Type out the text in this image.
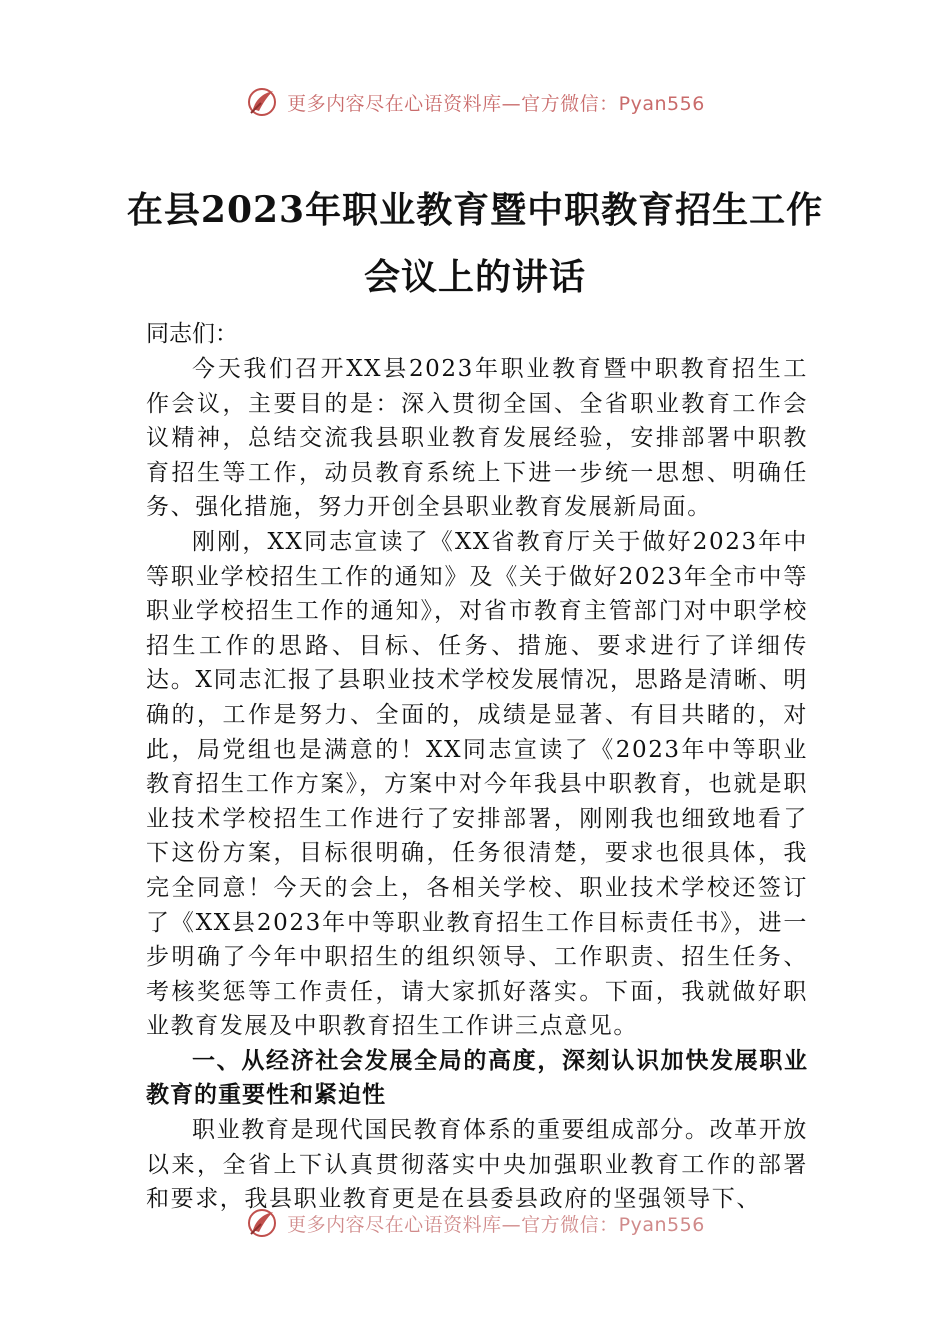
更多内容尽在心语资料库—官方微信：Pyan556
在县2023年职业教育暨中职教育招生工作
会议上的讲话

同志们：

今天我们召开XX县2023年职业教育暨中职教育招生工作会议，主要目的是：深入贯彻全国、全省职业教育工作会议精神，总结交流我县职业教育发展经验，安排部署中职教育招生等工作，动员教育系统上下进一步统一思想、明确任务、强化措施，努力开创全县职业教育发展新局面。

刚刚，XX同志宣读了《XX省教育厅关于做好2023年中等职业学校招生工作的通知》及《关于做好2023年全市中等职业学校招生工作的通知》，对省市教育主管部门对中职学校招生工作的思路、目标、任务、措施、要求进行了详细传达。X同志汇报了县职业技术学校发展情况，思路是清晰、明确的，工作是努力、全面的，成绩是显著、有目共睹的，对此，局党组也是满意的！XX同志宣读了《2023年中等职业教育招生工作方案》，方案中对今年我县中职教育，也就是职业技术学校招生工作进行了安排部署，刚刚我也细致地看了下这份方案，目标很明确，任务很清楚，要求也很具体，我完全同意！今天的会上，各相关学校、职业技术学校还签订了《XX县2023年中等职业教育招生工作目标责任书》，进一步明确了今年中职招生的组织领导、工作职责、招生任务、考核奖惩等工作责任，请大家抓好落实。下面，我就做好职业教育发展及中职教育招生工作讲三点意见。

一、从经济社会发展全局的高度，深刻认识加快发展职业教育的重要性和紧迫性

职业教育是现代国民教育体系的重要组成部分。改革开放以来，全省上下认真贯彻落实中央加强职业教育工作的部署和要求，我县职业教育更是在县委县政府的坚强领导下、

更多内容尽在心语资料库—官方微信：Pyan556
